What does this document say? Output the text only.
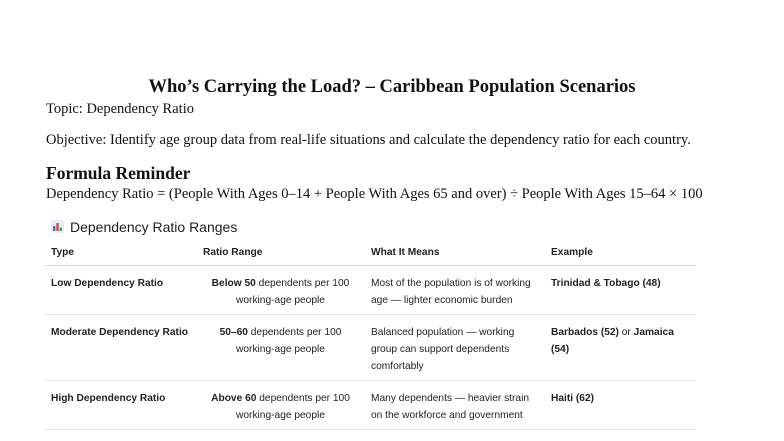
Who’s Carrying the Load? – Caribbean Population Scenarios
Topic: Dependency Ratio
Objective: Identify age group data from real-life situations and calculate the dependency ratio for each country.
Formula Reminder
Dependency Ratio = (People With Ages 0–14 + People With Ages 65 and over) ÷ People With Ages 15–64 × 100
Dependency Ratio Ranges
Type	Ratio Range	What It Means	Example
Low Dependency Ratio	Below 50 dependents per 100 working-age people	Most of the population is of working age — lighter economic burden	Trinidad & Tobago (48)
Moderate Dependency Ratio	50–60 dependents per 100 working-age people	Balanced population — working group can support dependents comfortably	Barbados (52) or Jamaica (54)
High Dependency Ratio	Above 60 dependents per 100 working-age people	Many dependents — heavier strain on the workforce and government	Haiti (62)
